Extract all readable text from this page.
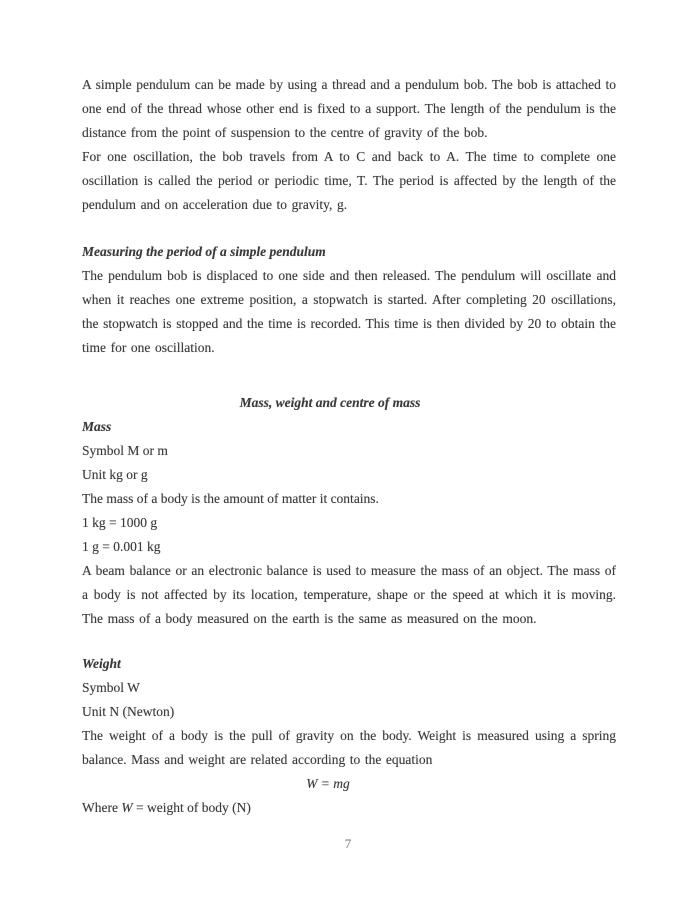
A simple pendulum can be made by using a thread and a pendulum bob. The bob is attached to one end of the thread whose other end is fixed to a support. The length of the pendulum is the distance from the point of suspension to the centre of gravity of the bob.

For one oscillation, the bob travels from A to C and back to A. The time to complete one oscillation is called the period or periodic time, T. The period is affected by the length of the pendulum and on acceleration due to gravity, g.

Measuring the period of a simple pendulum

The pendulum bob is displaced to one side and then released. The pendulum will oscillate and when it reaches one extreme position, a stopwatch is started. After completing 20 oscillations, the stopwatch is stopped and the time is recorded. This time is then divided by 20 to obtain the time for one oscillation.

Mass, weight and centre of mass
Mass
Symbol M or m
Unit kg or g
The mass of a body is the amount of matter it contains.
1 kg = 1000 g
1 g = 0.001 kg

A beam balance or an electronic balance is used to measure the mass of an object. The mass of a body is not affected by its location, temperature, shape or the speed at which it is moving. The mass of a body measured on the earth is the same as measured on the moon.

Weight
Symbol W
Unit N (Newton)

The weight of a body is the pull of gravity on the body. Weight is measured using a spring balance. Mass and weight are related according to the equation

W = mg
Where W = weight of body (N)
7
